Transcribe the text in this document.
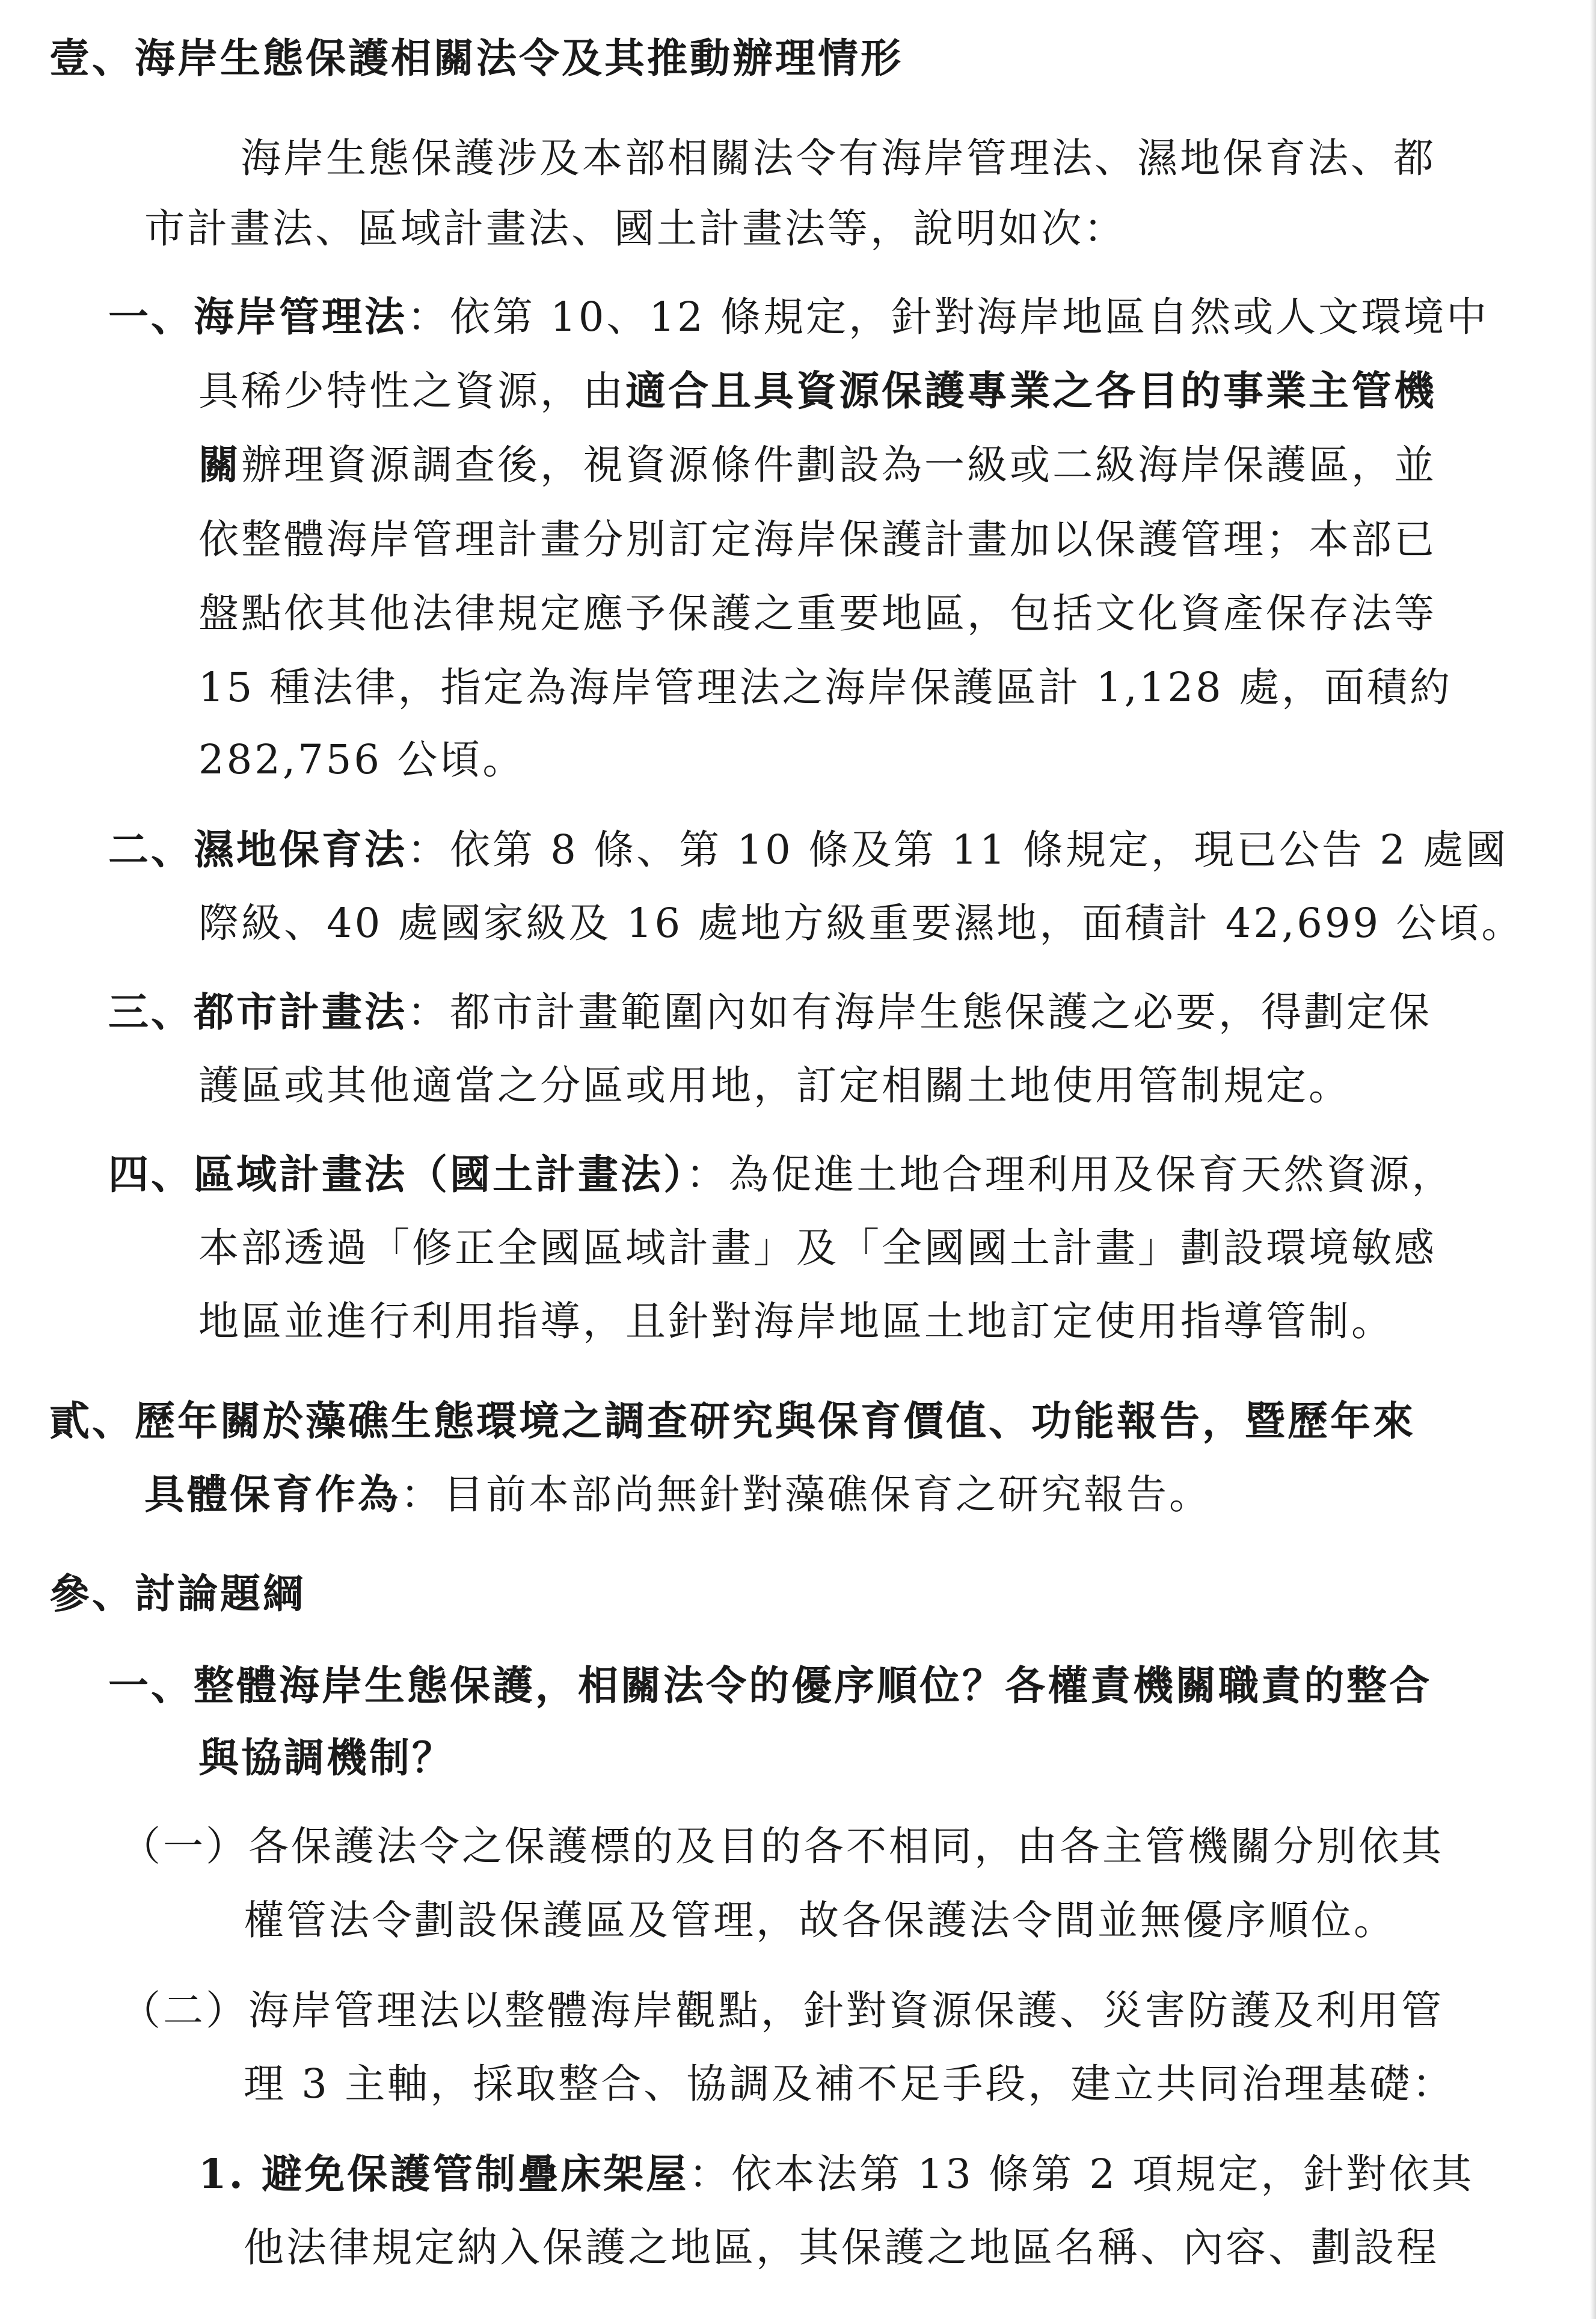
壹、海岸生態保護相關法令及其推動辦理情形
海岸生態保護涉及本部相關法令有海岸管理法、濕地保育法、都
市計畫法、區域計畫法、國土計畫法等，說明如次：
一、海岸管理法：依第 10、12 條規定，針對海岸地區自然或人文環境中
具稀少特性之資源，由適合且具資源保護專業之各目的事業主管機
關辦理資源調查後，視資源條件劃設為一級或二級海岸保護區，並
依整體海岸管理計畫分別訂定海岸保護計畫加以保護管理；本部已
盤點依其他法律規定應予保護之重要地區，包括文化資產保存法等
15 種法律，指定為海岸管理法之海岸保護區計 1,128 處，面積約
282,756 公頃。
二、濕地保育法：依第 8 條、第 10 條及第 11 條規定，現已公告 2 處國
際級、40 處國家級及 16 處地方級重要濕地，面積計 42,699 公頃。
三、都市計畫法：都市計畫範圍內如有海岸生態保護之必要，得劃定保
護區或其他適當之分區或用地，訂定相關土地使用管制規定。
四、區域計畫法（國土計畫法）：為促進土地合理利用及保育天然資源，
本部透過「修正全國區域計畫」及「全國國土計畫」劃設環境敏感
地區並進行利用指導，且針對海岸地區土地訂定使用指導管制。
貳、歷年關於藻礁生態環境之調查研究與保育價值、功能報告，暨歷年來
具體保育作為：目前本部尚無針對藻礁保育之研究報告。
參、討論題綱
一、整體海岸生態保護，相關法令的優序順位？各權責機關職責的整合
與協調機制？
（一）各保護法令之保護標的及目的各不相同，由各主管機關分別依其
權管法令劃設保護區及管理，故各保護法令間並無優序順位。
（二）海岸管理法以整體海岸觀點，針對資源保護、災害防護及利用管
理 3 主軸，採取整合、協調及補不足手段，建立共同治理基礎：
1. 避免保護管制疊床架屋：依本法第 13 條第 2 項規定，針對依其
他法律規定納入保護之地區，其保護之地區名稱、內容、劃設程
